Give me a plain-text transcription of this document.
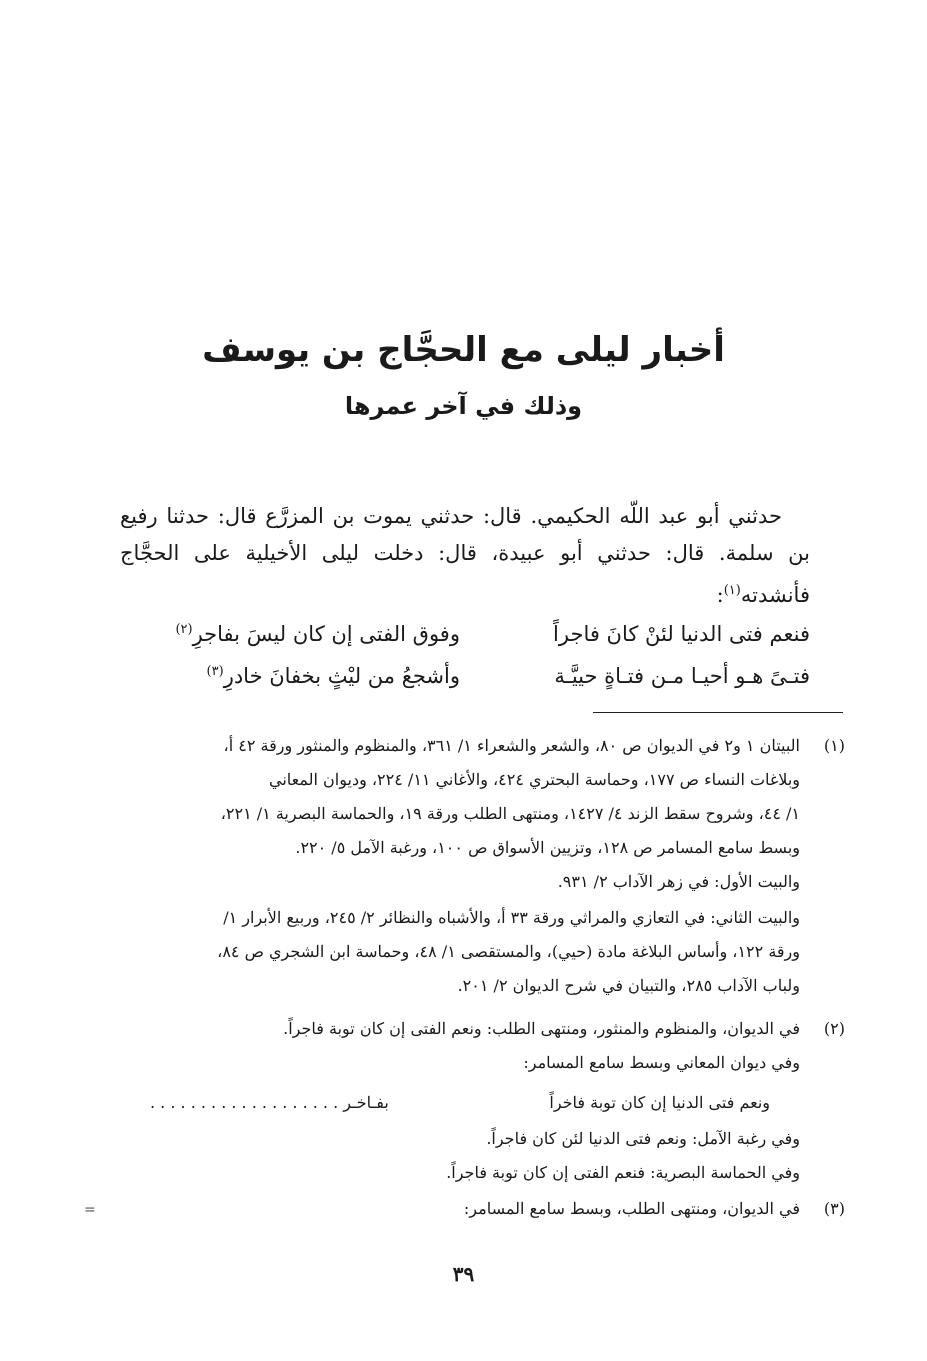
أخبار ليلى مع الحجَّاج بن يوسف
وذلك في آخر عمرها

حدثني أبو عبد اللّه الحكيمي. قال: حدثني يموت بن المزرَّع قال: حدثنا رفيع بن سلمة. قال: حدثني أبو عبيدة، قال: دخلت ليلى الأخيلية على الحجَّاج فأنشدته$^{(١)}$:

فنعم فتى الدنيا لئنْ كانَ فاجراً
وفوق الفتى إن كان ليسَ بفاجرِ$^{(٢)}$
فتـىً هـو أحيـا مـن فتـاةٍ حييَّـة
وأشجعُ من ليْثٍ بخفانَ خادرِ$^{(٣)}$
(١)
البيتان ١ و٢ في الديوان ص ٨٠، والشعر والشعراء ١/ ٣٦١، والمنظوم والمنثور ورقة ٤٢ أ،
وبلاغات النساء ص ١٧٧، وحماسة البحتري ٤٢٤، والأغاني ١١/ ٢٢٤، وديوان المعاني
١/ ٤٤، وشروح سقط الزند ٤/ ١٤٢٧، ومنتهى الطلب ورقة ١٩، والحماسة البصرية ١/ ٢٢١،
وبسط سامع المسامر ص ١٢٨، وتزيين الأسواق ص ١٠٠، ورغبة الآمل ٥/ ٢٢٠.
والبيت الأول: في زهر الآداب ٢/ ٩٣١.
والبيت الثاني: في التعازي والمراثي ورقة ٣٣ أ، والأشباه والنظائر ٢/ ٢٤٥، وربيع الأبرار ١/
ورقة ١٢٢، وأساس البلاغة مادة (حيي)، والمستقصى ١/ ٤٨، وحماسة ابن الشجري ص ٨٤،
ولباب الآداب ٢٨٥، والتبيان في شرح الديوان ٢/ ٢٠١.
(٢)
في الديوان، والمنظوم والمنثور، ومنتهى الطلب: ونعم الفتى إن كان توبة فاجراً.
وفي ديوان المعاني وبسط سامع المسامر:
ونعم فتى الدنيا إن كان توبة فاخراً
بفـاخـر . . . . . . . . . . . . . . . . . . .
وفي رغبة الآمل: ونعم فتى الدنيا لئن كان فاجراً.
وفي الحماسة البصرية: فنعم الفتى إن كان توبة فاجراً.
(٣)
في الديوان، ومنتهى الطلب، وبسط سامع المسامر:
=
٣٩
